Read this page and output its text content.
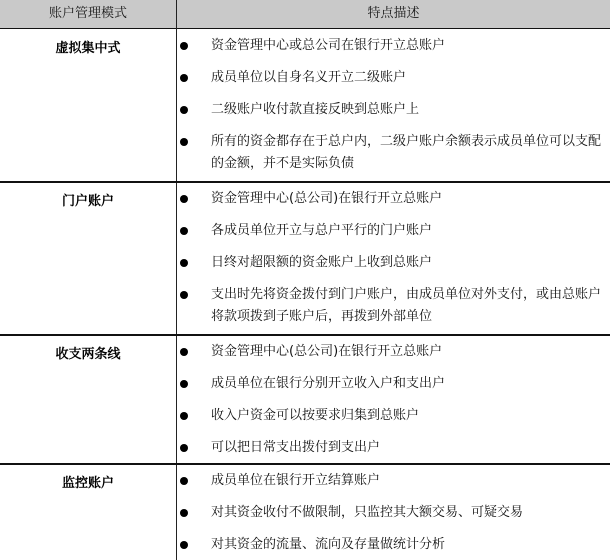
账户管理模式	特点描述
虚拟集中式	资金管理中心或总公司在银行开立总账户
成员单位以自身名义开立二级账户
二级账户收付款直接反映到总账户上
所有的资金都存在于总户内，二级户账户余额表示成员单位可以支配的金额，并不是实际负债
门户账户	资金管理中心(总公司)在银行开立总账户
各成员单位开立与总户平行的门户账户
日终对超限额的资金账户上收到总账户
支出时先将资金拨付到门户账户，由成员单位对外支付，或由总账户将款项拨到子账户后，再拨到外部单位
收支两条线	资金管理中心(总公司)在银行开立总账户
成员单位在银行分别开立收入户和支出户
收入户资金可以按要求归集到总账户
可以把日常支出拨付到支出户
监控账户	成员单位在银行开立结算账户
对其资金收付不做限制，只监控其大额交易、可疑交易
对其资金的流量、流向及存量做统计分析
